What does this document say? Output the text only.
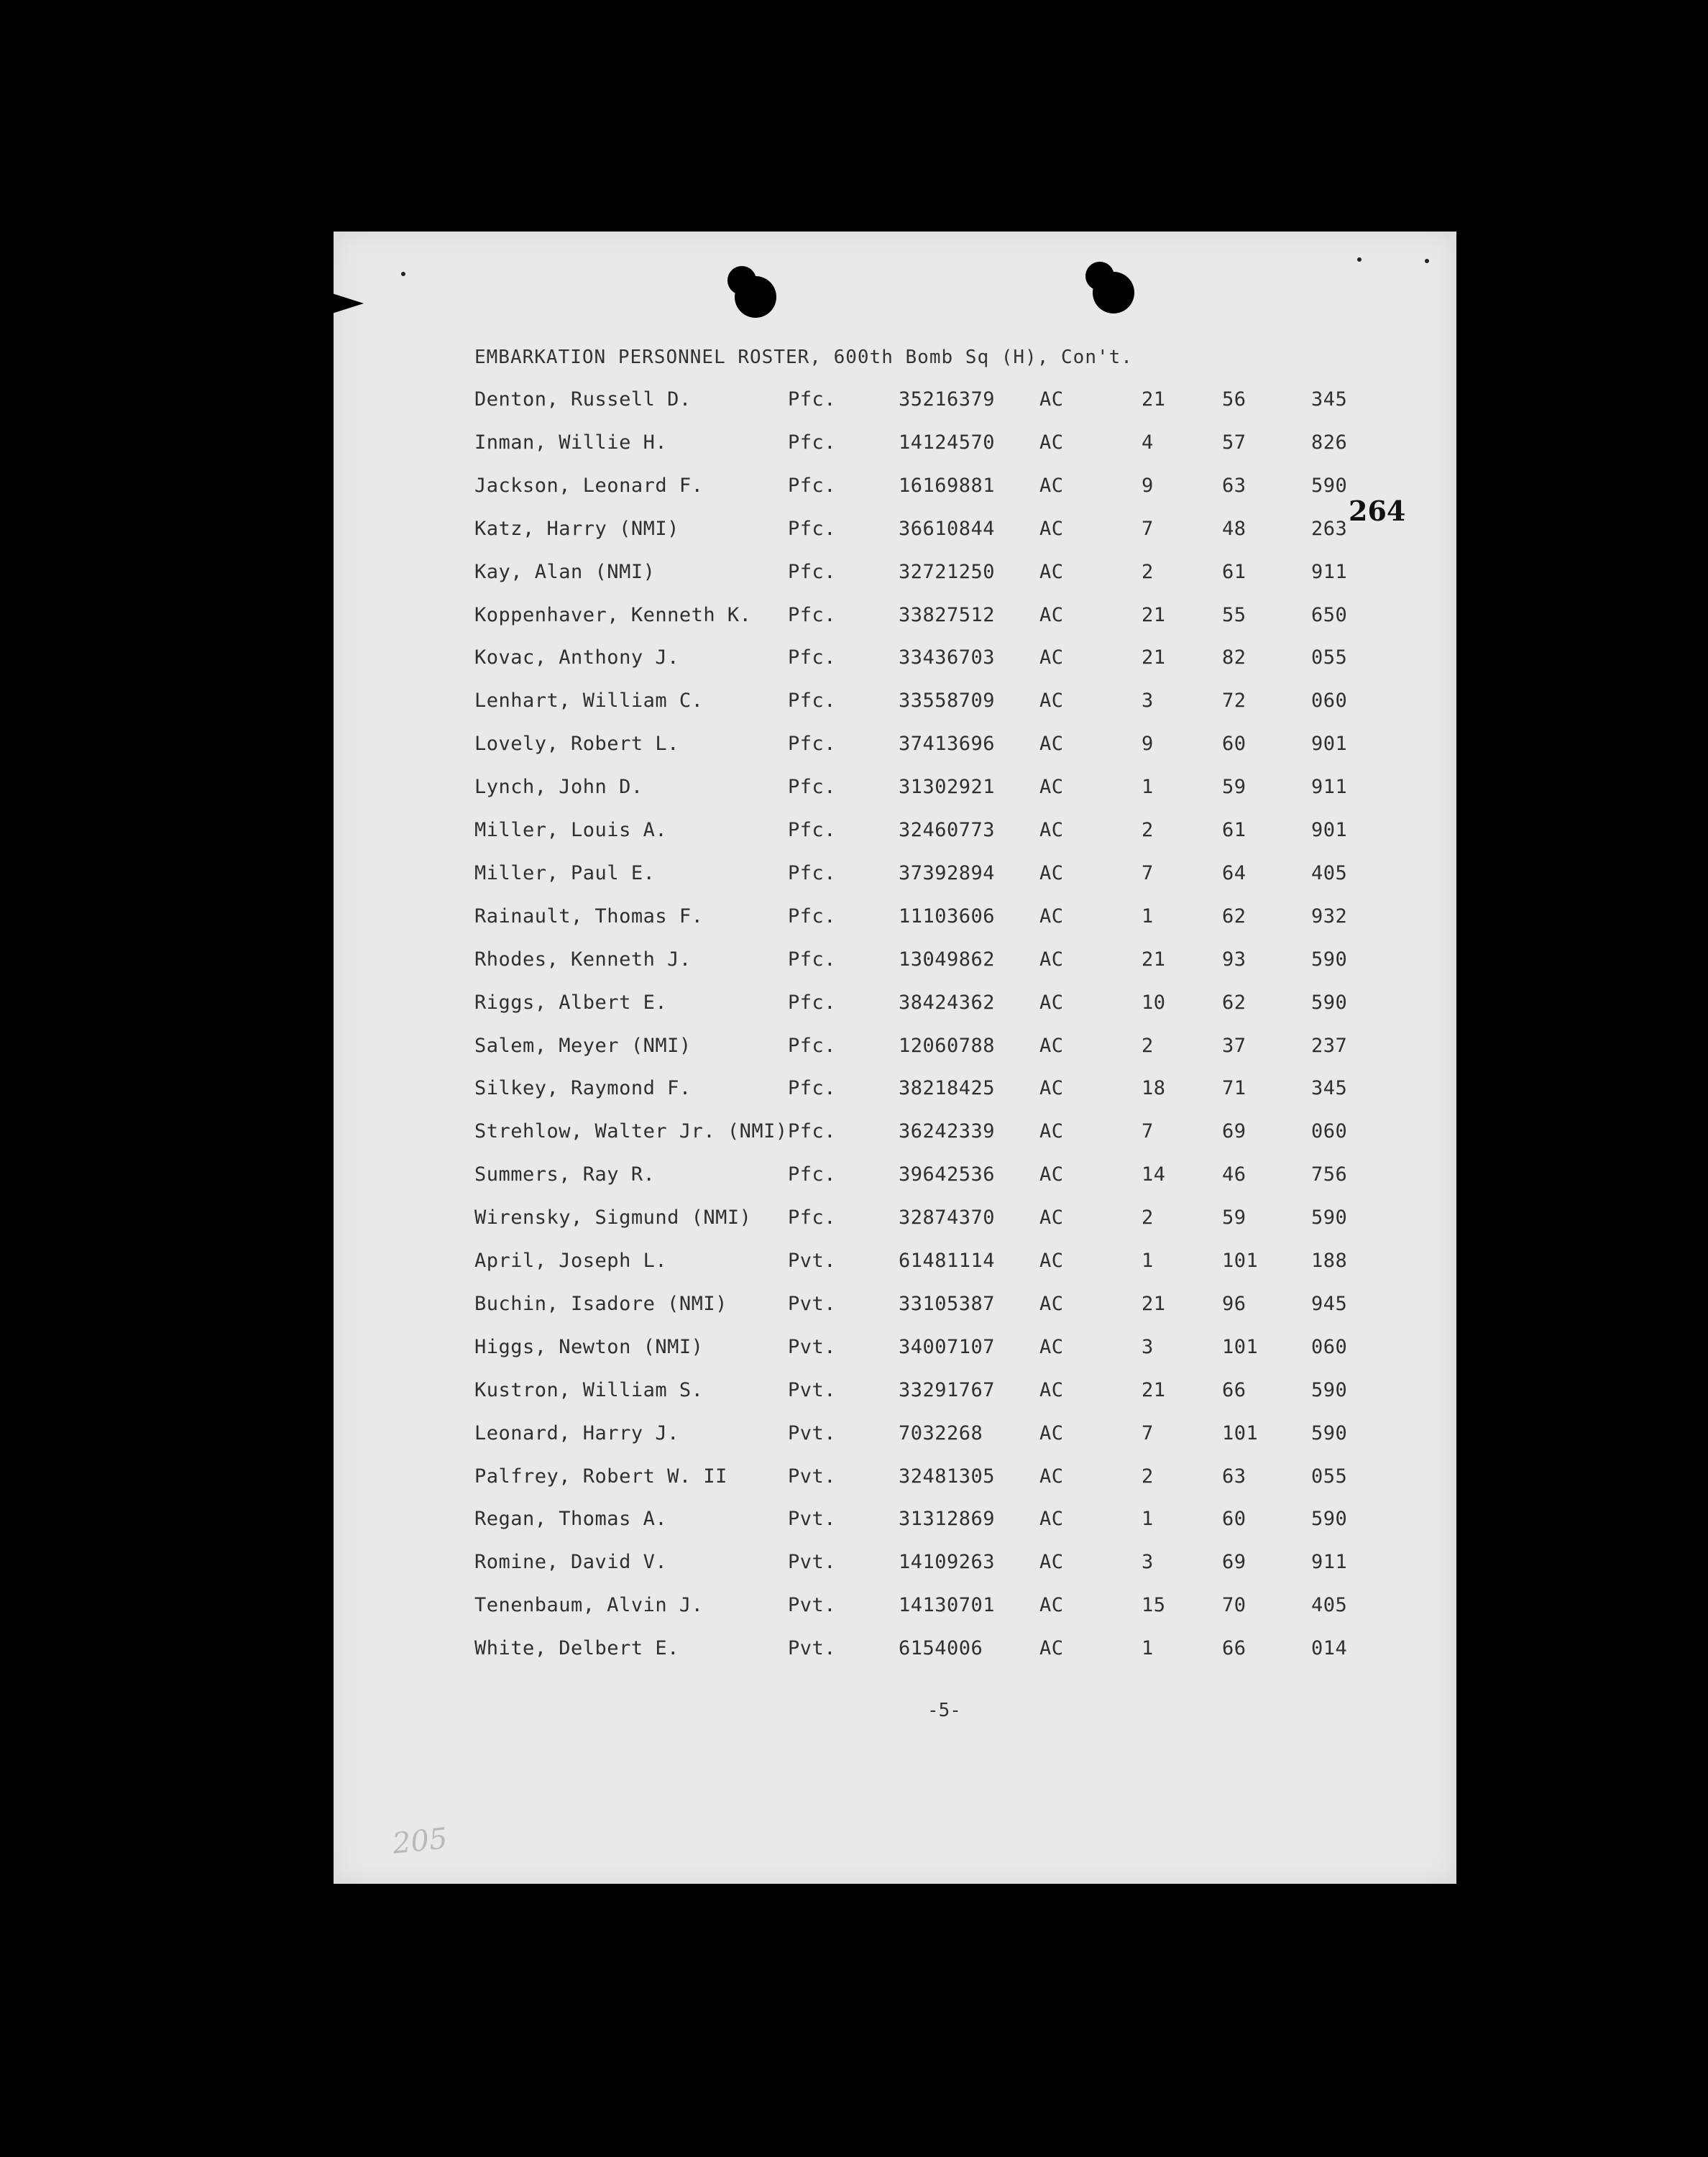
EMBARKATION PERSONNEL ROSTER, 600th Bomb Sq (H), Con't.
264
Denton, Russell D.	Pfc.	35216379 AC	21	56	345
Inman, Willie H.	Pfc.	14124570 AC	4	57	826
Jackson, Leonard F.	Pfc.	16169881 AC	9	63	590
Katz, Harry (NMI)	Pfc.	36610844 AC	7	48	263
Kay, Alan (NMI)	Pfc.	32721250 AC	2	61	911
Koppenhaver, Kenneth K. Pfc.	33827512 AC	21	55	650
Kovac, Anthony J.	Pfc.	33436703 AC	21	82	055
Lenhart, William C.	Pfc.	33558709 AC	3	72	060
Lovely, Robert L.	Pfc.	37413696 AC	9	60	901
Lynch, John D.	Pfc.	31302921 AC	1	59	911
Miller, Louis A.	Pfc.	32460773 AC	2	61	901
Miller, Paul E.	Pfc.	37392894 AC	7	64	405
Rainault, Thomas F.	Pfc.	11103606 AC	1	62	932
Rhodes, Kenneth J.	Pfc.	13049862 AC	21	93	590
Riggs, Albert E.	Pfc.	38424362 AC	10	62	590
Salem, Meyer (NMI)	Pfc.	12060788 AC	2	37	237
Silkey, Raymond F.	Pfc.	38218425 AC	18	71	345
Strehlow, Walter Jr. (NMI) Pfc.	36242339 AC	7	69	060
Summers, Ray R.	Pfc.	39642536 AC	14	46	756
Wirensky, Sigmund (NMI) Pfc.	32874370 AC	2	59	590
April, Joseph L.	Pvt.	61481114 AC	1	101	188
Buchin, Isadore (NMI)	Pvt.	33105387 AC	21	96	945
Higgs, Newton (NMI)	Pvt.	34007107 AC	3	101	060
Kustron, William S.	Pvt.	33291767 AC	21	66	590
Leonard, Harry J.	Pvt.	7032268	AC	7	101	590
Palfrey, Robert W. II	Pvt.	32481305 AC	2	63	055
Regan, Thomas A.	Pvt.	31312869 AC	1	60	590
Romine, David V.	Pvt.	14109263 AC	3	69	911
Tenenbaum, Alvin J.	Pvt.	14130701 AC	15	70	405
White, Delbert E.	Pvt.	6154006	AC	1	66	014
-5-
205
